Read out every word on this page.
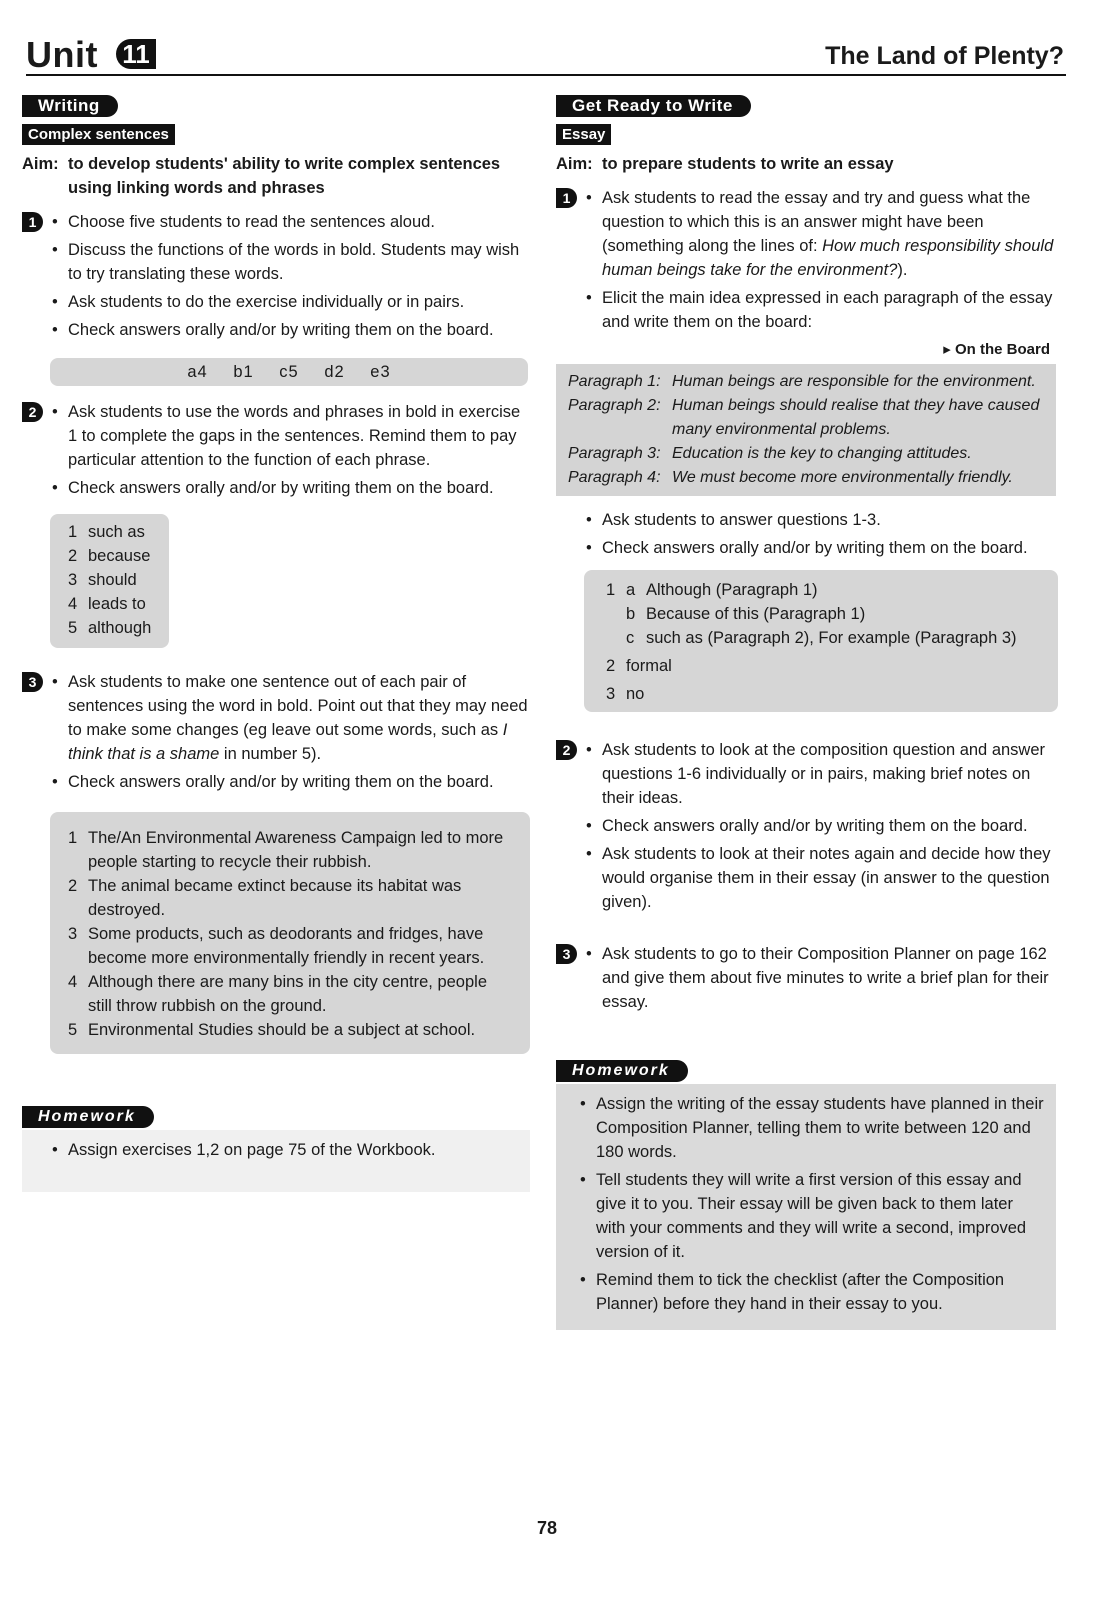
Unit 11	The Land of Plenty?
Writing
Complex sentences
Aim: to develop students' ability to write complex sentences
using linking words and phrases
1	• Choose five students to read the sentences aloud.
• Discuss the functions of the words in bold. Students may wish to try translating these words.
• Ask students to do the exercise individually or in pairs.
• Check answers orally and/or by writing them on the board.
a4 b1 c5 d2 e3
2	• Ask students to use the words and phrases in bold in exercise 1 to complete the gaps in the sentences. Remind them to pay particular attention to the function of each phrase.
• Check answers orally and/or by writing them on the board.
1 such as
2 because
3 should
4 leads to
5 although
3	• Ask students to make one sentence out of each pair of sentences using the word in bold. Point out that they may need to make some changes (eg leave out some words, such as I think that is a shame in number 5).
• Check answers orally and/or by writing them on the board.
1 The/An Environmental Awareness Campaign led to more people starting to recycle their rubbish.
2 The animal became extinct because its habitat was destroyed.
3 Some products, such as deodorants and fridges, have become more environmentally friendly in recent years.
4 Although there are many bins in the city centre, people still throw rubbish on the ground.
5 Environmental Studies should be a subject at school.
Homework
• Assign exercises 1,2 on page 75 of the Workbook.
Get Ready to Write
Essay
Aim: to prepare students to write an essay
1	• Ask students to read the essay and try and guess what the question to which this is an answer might have been (something along the lines of: How much responsibility should human beings take for the environment?).
• Elicit the main idea expressed in each paragraph of the essay and write them on the board:
▸ On the Board
Paragraph 1: Human beings are responsible for the environment.
Paragraph 2: Human beings should realise that they have caused many environmental problems.
Paragraph 3: Education is the key to changing attitudes.
Paragraph 4: We must become more environmentally friendly.
• Ask students to answer questions 1-3.
• Check answers orally and/or by writing them on the board.
1 a Although (Paragraph 1)
b Because of this (Paragraph 1)
c such as (Paragraph 2), For example (Paragraph 3)
2 formal
3 no
2	• Ask students to look at the composition question and answer questions 1-6 individually or in pairs, making brief notes on their ideas.
• Check answers orally and/or by writing them on the board.
• Ask students to look at their notes again and decide how they would organise them in their essay (in answer to the question given).
3	• Ask students to go to their Composition Planner on page 162 and give them about five minutes to write a brief plan for their essay.
Homework
• Assign the writing of the essay students have planned in their Composition Planner, telling them to write between 120 and 180 words.
• Tell students they will write a first version of this essay and give it to you. Their essay will be given back to them later with your comments and they will write a second, improved version of it.
• Remind them to tick the checklist (after the Composition Planner) before they hand in their essay to you.
78
